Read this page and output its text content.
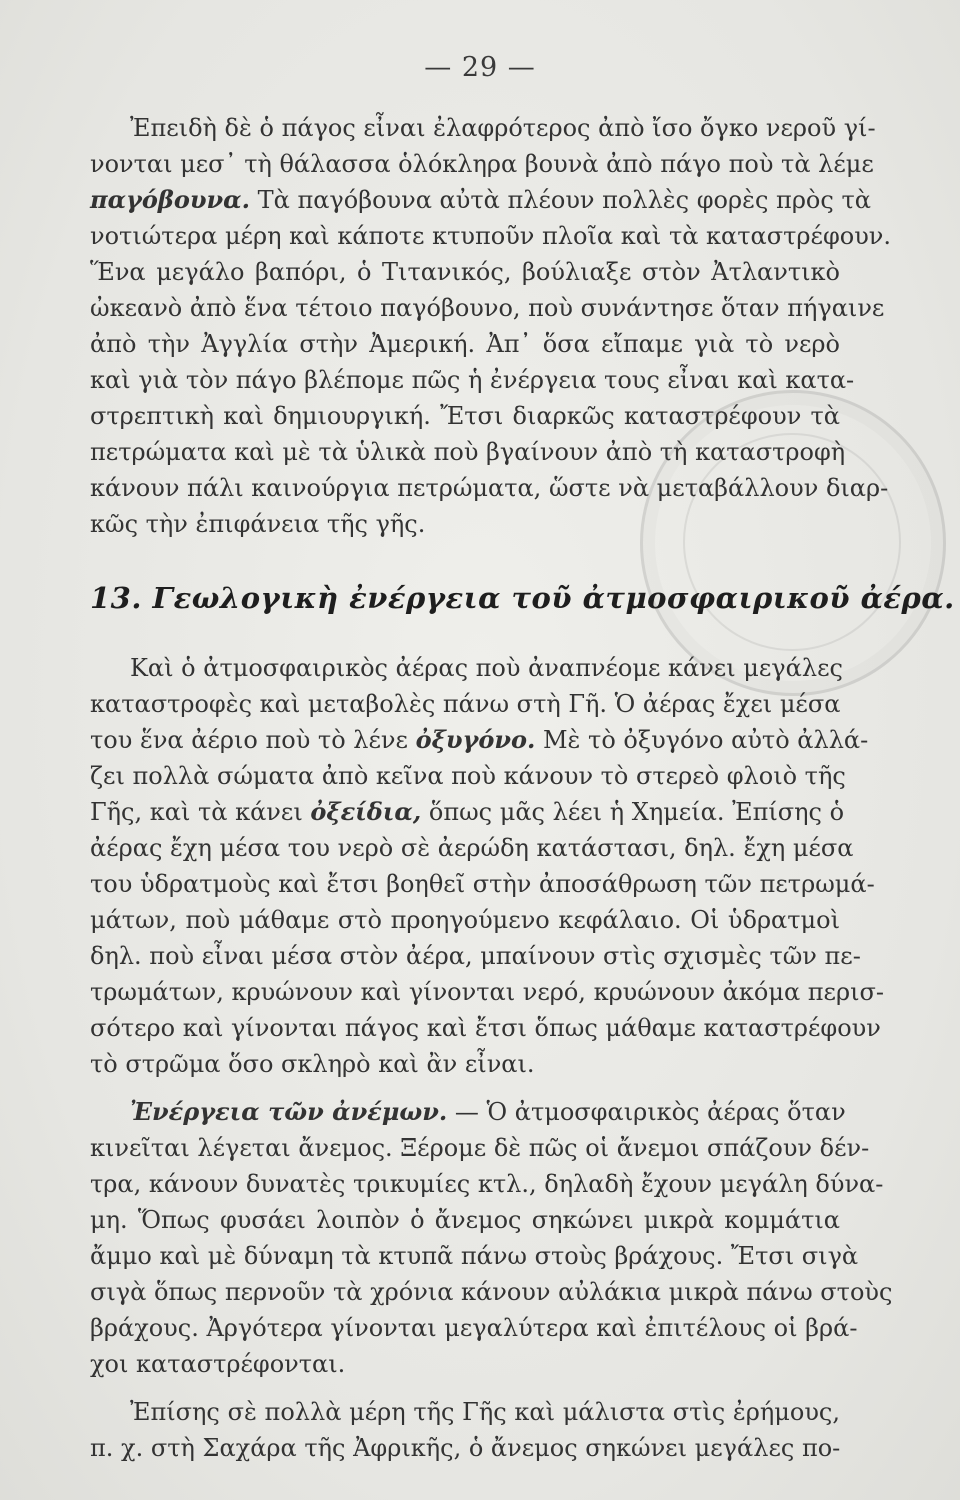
— 29 —
Ἐπειδὴ δὲ ὁ πάγος εἶναι ἐλαφρότερος ἀπὸ ἴσο ὄγκο νεροῦ γί-
νονται μεσ᾿ τὴ θάλασσα ὁλόκληρα βουνὰ ἀπὸ πάγο ποὺ τὰ λέμε
παγόβουνα. Τὰ παγόβουνα αὐτὰ πλέουν πολλὲς φορὲς πρὸς τὰ
νοτιώτερα μέρη καὶ κάποτε κτυποῦν πλοῖα καὶ τὰ καταστρέφουν.
Ἕνα μεγάλο βαπόρι, ὁ Τιτανικός, βούλιαξε στὸν Ἀτλαντικὸ
ὠκεανὸ ἀπὸ ἕνα τέτοιο παγόβουνο, ποὺ συνάντησε ὅταν πήγαινε
ἀπὸ τὴν Ἀγγλία στὴν Ἀμερική. Ἀπ᾿ ὅσα εἴπαμε γιὰ τὸ νερὸ
καὶ γιὰ τὸν πάγο βλέπομε πῶς ἡ ἐνέργεια τους εἶναι καὶ κατα-
στρεπτικὴ καὶ δημιουργική. Ἔτσι διαρκῶς καταστρέφουν τὰ
πετρώματα καὶ μὲ τὰ ὑλικὰ ποὺ βγαίνουν ἀπὸ τὴ καταστροφὴ
κάνουν πάλι καινούργια πετρώματα, ὥστε νὰ μεταβάλλουν διαρ-
κῶς τὴν ἐπιφάνεια τῆς γῆς.
13. Γεωλογικὴ ἐνέργεια τοῦ ἀτμοσφαιρικοῦ ἀέρα.
Καὶ ὁ ἀτμοσφαιρικὸς ἀέρας ποὺ ἀναπνέομε κάνει μεγάλες
καταστροφὲς καὶ μεταβολὲς πάνω στὴ Γῆ. Ὁ ἀέρας ἔχει μέσα
του ἕνα ἀέριο ποὺ τὸ λένε ὀξυγόνο. Μὲ τὸ ὀξυγόνο αὐτὸ ἀλλά-
ζει πολλὰ σώματα ἀπὸ κεῖνα ποὺ κάνουν τὸ στερεὸ φλοιὸ τῆς
Γῆς, καὶ τὰ κάνει ὀξείδια, ὅπως μᾶς λέει ἡ Χημεία. Ἐπίσης ὁ
ἀέρας ἔχη μέσα του νερὸ σὲ ἀερώδη κατάστασι, δηλ. ἔχη μέσα
του ὑδρατμοὺς καὶ ἔτσι βοηθεῖ στὴν ἀποσάθρωση τῶν πετρωμά-
μάτων, ποὺ μάθαμε στὸ προηγούμενο κεφάλαιο. Οἱ ὑδρατμοὶ
δηλ. ποὺ εἶναι μέσα στὸν ἀέρα, μπαίνουν στὶς σχισμὲς τῶν πε-
τρωμάτων, κρυώνουν καὶ γίνονται νερό, κρυώνουν ἀκόμα περισ-
σότερο καὶ γίνονται πάγος καὶ ἔτσι ὅπως μάθαμε καταστρέφουν
τὸ στρῶμα ὅσο σκληρὸ καὶ ἂν εἶναι.
Ἐνέργεια τῶν ἀνέμων. — Ὁ ἀτμοσφαιρικὸς ἀέρας ὅταν
κινεῖται λέγεται ἄνεμος. Ξέρομε δὲ πῶς οἱ ἄνεμοι σπάζουν δέν-
τρα, κάνουν δυνατὲς τρικυμίες κτλ., δηλαδὴ ἔχουν μεγάλη δύνα-
μη. Ὅπως φυσάει λοιπὸν ὁ ἄνεμος σηκώνει μικρὰ κομμάτια
ἄμμο καὶ μὲ δύναμη τὰ κτυπᾶ πάνω στοὺς βράχους. Ἔτσι σιγὰ
σιγὰ ὅπως περνοῦν τὰ χρόνια κάνουν αὐλάκια μικρὰ πάνω στοὺς
βράχους. Ἀργότερα γίνονται μεγαλύτερα καὶ ἐπιτέλους οἱ βρά-
χοι καταστρέφονται.
Ἐπίσης σὲ πολλὰ μέρη τῆς Γῆς καὶ μάλιστα στὶς ἐρήμους,
π. χ. στὴ Σαχάρα τῆς Ἀφρικῆς, ὁ ἄνεμος σηκώνει μεγάλες πο-
